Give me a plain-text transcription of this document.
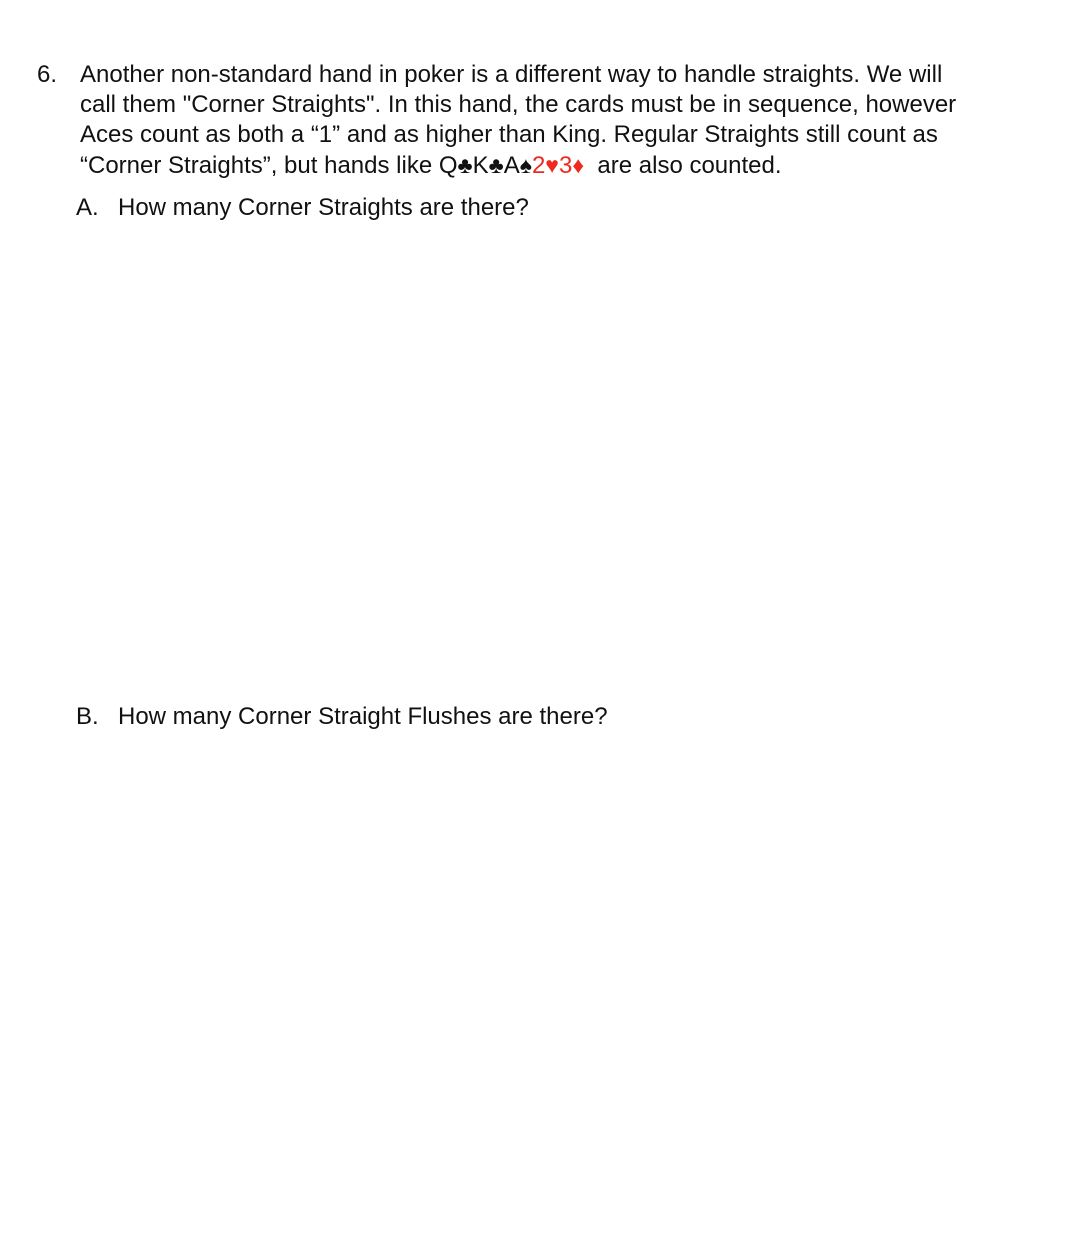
6. Another non-standard hand in poker is a different way to handle straights. We will
call them "Corner Straights". In this hand, the cards must be in sequence, however
Aces count as both a “1” and as higher than King. Regular Straights still count as
“Corner Straights”, but hands like Q♣K♣A♠2♥3♦ are also counted.
A. How many Corner Straights are there?
B. How many Corner Straight Flushes are there?
